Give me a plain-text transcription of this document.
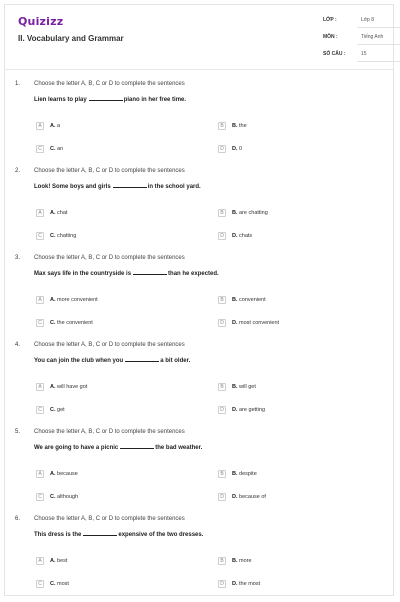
Quizizz
II. Vocabulary and Grammar
LỚP :	Lớp 8
MÔN :	Tiếng Anh
SỐ CÂU :	15
1. Choose the letter A, B, C or D to complete the sentences
Lien learns to play	piano in her free time.
A	A. a	B	B. the
C	C. an	D	D. 0
2. Choose the letter A, B, C or D to complete the sentences
Look! Some boys and girls	in the school yard.
A	A. chat	B	B. are chatting
C	C. chatting	D	D. chats
3. Choose the letter A, B, C or D to complete the sentences
Max says life in the countryside is	than he expected.
A	A. more convenient	B	B. convenient
C	C. the convenient	D	D. most convenient
4. Choose the letter A, B, C or D to complete the sentences
You can join the club when you	a bit older.
A	A. will have got	B	B. will get
C	C. get	D	D. are getting
5. Choose the letter A, B, C or D to complete the sentences
We are going to have a picnic	the bad weather.
A	A. because	B	B. despite
C	C. although	D	D. because of
6. Choose the letter A, B, C or D to complete the sentences
This dress is the	expensive of the two dresses.
A	A. best	B	B. more
C	C. most	D	D. the most
